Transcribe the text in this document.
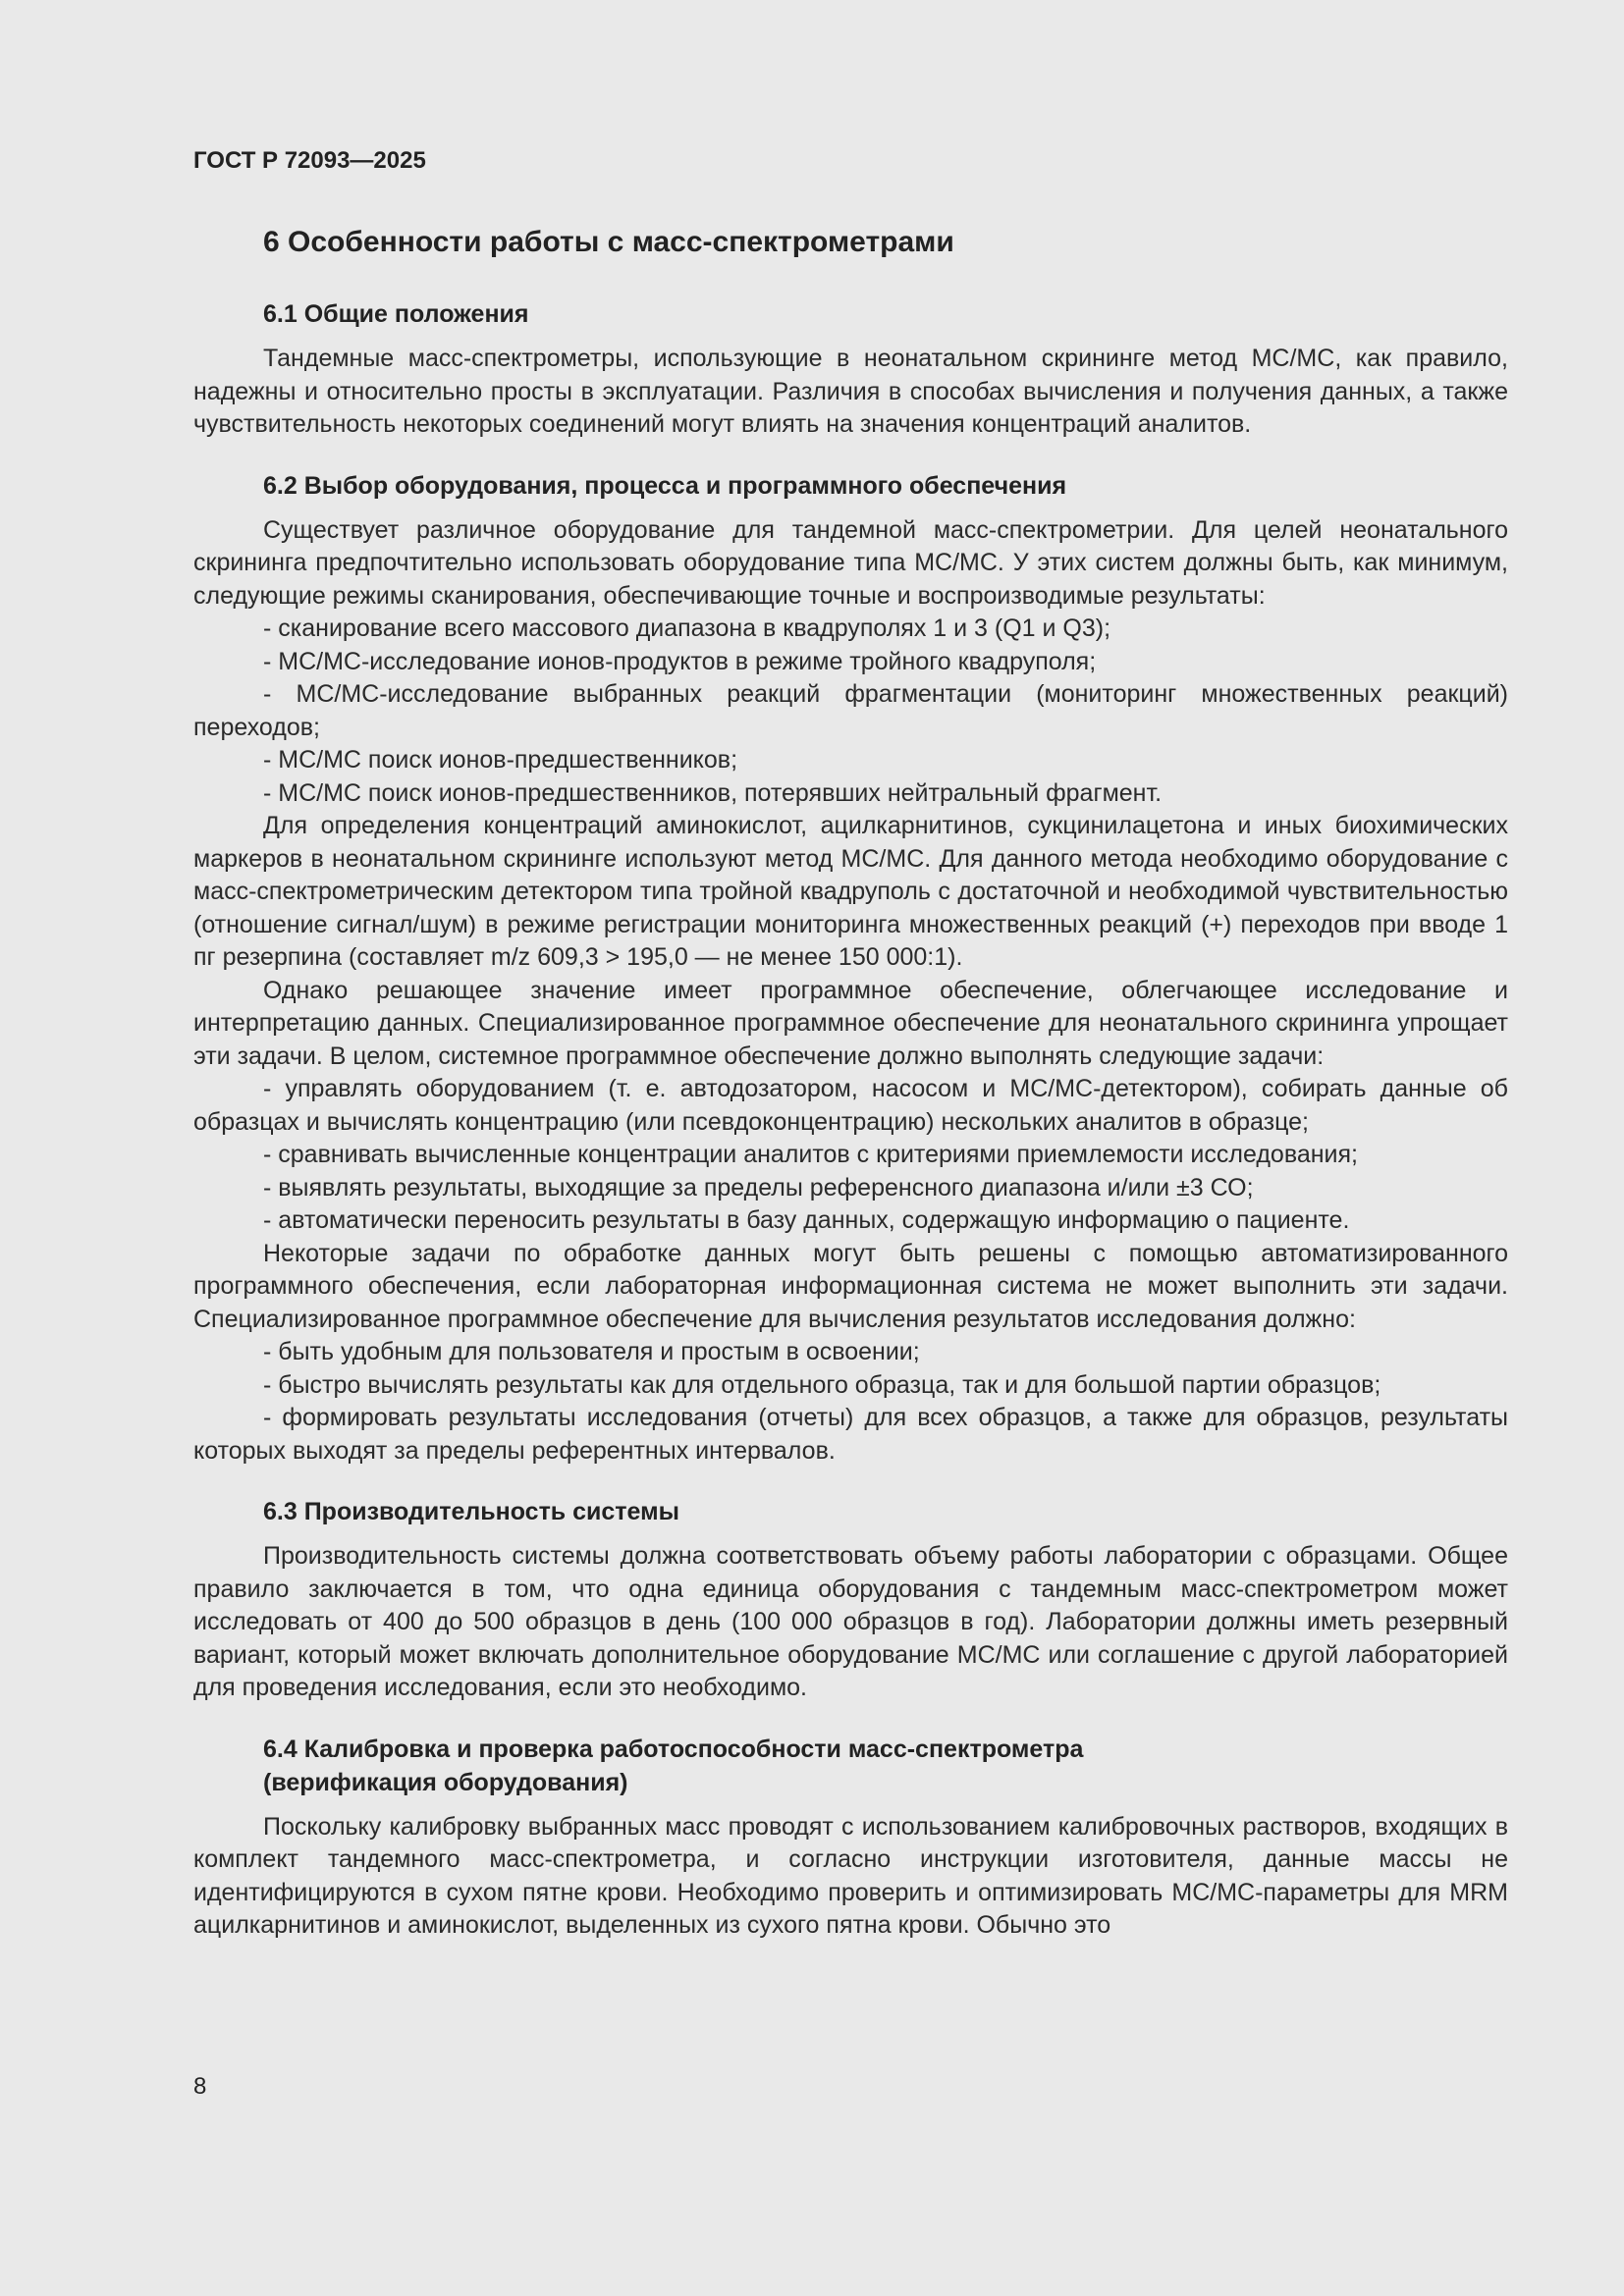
ГОСТ Р 72093—2025
6 Особенности работы с масс-спектрометрами
6.1 Общие положения

Тандемные масс-спектрометры, использующие в неонатальном скрининге метод МС/МС, как правило, надежны и относительно просты в эксплуатации. Различия в способах вычисления и получения данных, а также чувствительность некоторых соединений могут влиять на значения концентраций аналитов.

6.2 Выбор оборудования, процесса и программного обеспечения

Существует различное оборудование для тандемной масс-спектрометрии. Для целей неонатального скрининга предпочтительно использовать оборудование типа МС/МС. У этих систем должны быть, как минимум, следующие режимы сканирования, обеспечивающие точные и воспроизводимые результаты:

- сканирование всего массового диапазона в квадруполях 1 и 3 (Q1 и Q3);

- МС/МС-исследование ионов-продуктов в режиме тройного квадруполя;

- МС/МС-исследование выбранных реакций фрагментации (мониторинг множественных реакций) переходов;

- МС/МС поиск ионов-предшественников;

- МС/МС поиск ионов-предшественников, потерявших нейтральный фрагмент.

Для определения концентраций аминокислот, ацилкарнитинов, сукцинилацетона и иных биохимических маркеров в неонатальном скрининге используют метод МС/МС. Для данного метода необходимо оборудование с масс-спектрометрическим детектором типа тройной квадруполь с достаточной и необходимой чувствительностью (отношение сигнал/шум) в режиме регистрации мониторинга множественных реакций (+) переходов при вводе 1 пг резерпина (составляет m/z 609,3 > 195,0 — не менее 150 000:1).

Однако решающее значение имеет программное обеспечение, облегчающее исследование и интерпретацию данных. Специализированное программное обеспечение для неонатального скрининга упрощает эти задачи. В целом, системное программное обеспечение должно выполнять следующие задачи:

- управлять оборудованием (т. е. автодозатором, насосом и МС/МС-детектором), собирать данные об образцах и вычислять концентрацию (или псевдоконцентрацию) нескольких аналитов в образце;

- сравнивать вычисленные концентрации аналитов с критериями приемлемости исследования;

- выявлять результаты, выходящие за пределы референсного диапазона и/или ±3 СО;

- автоматически переносить результаты в базу данных, содержащую информацию о пациенте.

Некоторые задачи по обработке данных могут быть решены с помощью автоматизированного программного обеспечения, если лабораторная информационная система не может выполнить эти задачи. Специализированное программное обеспечение для вычисления результатов исследования должно:

- быть удобным для пользователя и простым в освоении;

- быстро вычислять результаты как для отдельного образца, так и для большой партии образцов;

- формировать результаты исследования (отчеты) для всех образцов, а также для образцов, результаты которых выходят за пределы референтных интервалов.

6.3 Производительность системы

Производительность системы должна соответствовать объему работы лаборатории с образцами. Общее правило заключается в том, что одна единица оборудования с тандемным масс-спектрометром может исследовать от 400 до 500 образцов в день (100 000 образцов в год). Лаборатории должны иметь резервный вариант, который может включать дополнительное оборудование МС/МС или соглашение с другой лабораторией для проведения исследования, если это необходимо.

6.4 Калибровка и проверка работоспособности масс-спектрометра
(верификация оборудования)

Поскольку калибровку выбранных масс проводят с использованием калибровочных растворов, входящих в комплект тандемного масс-спектрометра, и согласно инструкции изготовителя, данные массы не идентифицируются в сухом пятне крови. Необходимо проверить и оптимизировать МС/МС-параметры для MRM ацилкарнитинов и аминокислот, выделенных из сухого пятна крови. Обычно это

8
